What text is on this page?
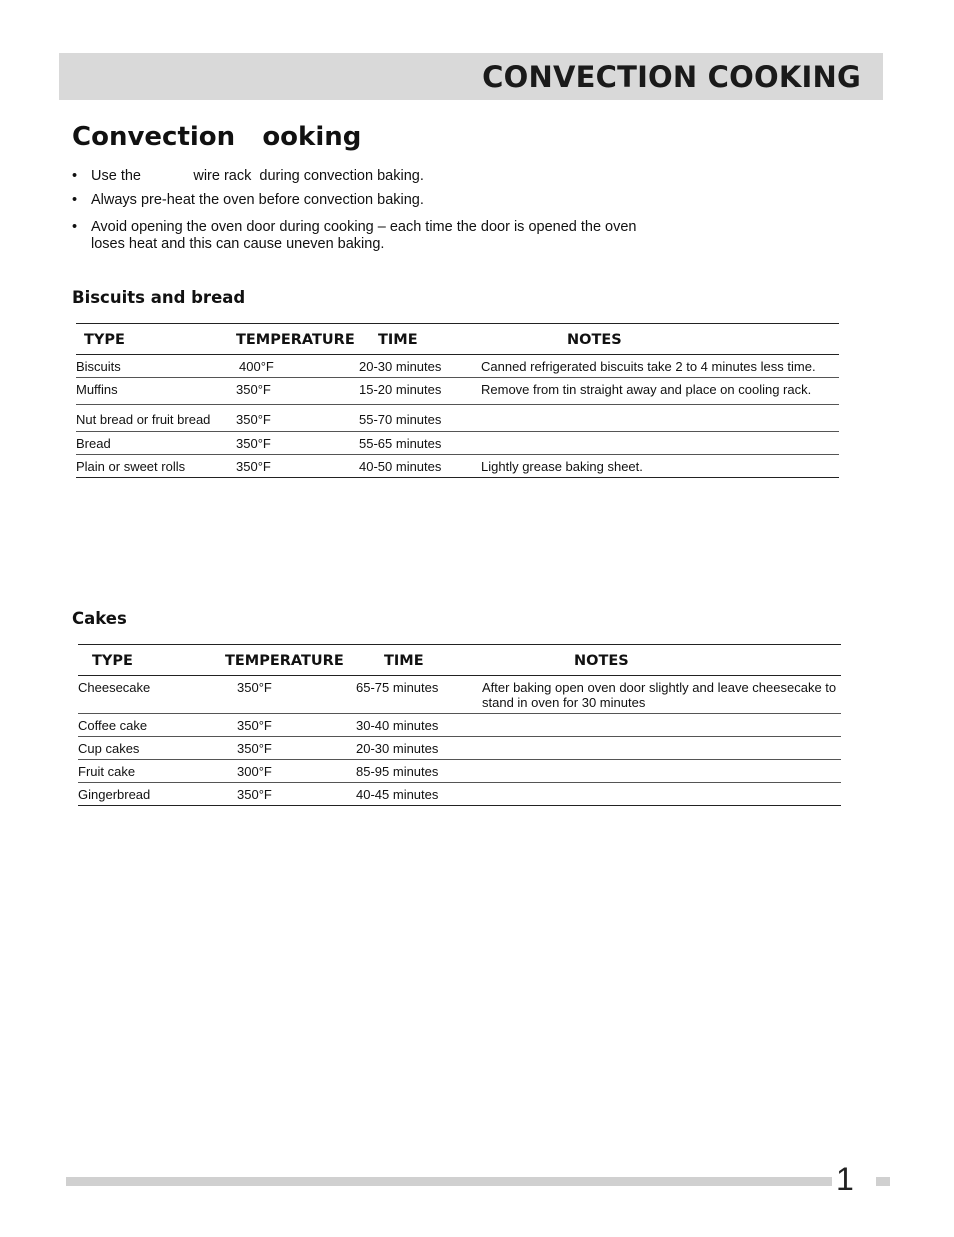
CONVECTION COOKING
Convection   ooking
• Use the             wire rack  during convection baking.
• Always pre-heat the oven before convection baking.
• Avoid opening the oven door during cooking – each time the door is opened the oven loses heat and this can cause uneven baking.
Biscuits and bread
TYPE	TEMPERATURE	TIME	NOTES
Biscuits	400°F	20-30 minutes	Canned refrigerated biscuits take 2 to 4 minutes less time.
Muffins	350°F	15-20 minutes	Remove from tin straight away and place on cooling rack.
Nut bread or fruit bread	350°F	55-70 minutes	
Bread	350°F	55-65 minutes	
Plain or sweet rolls	350°F	40-50 minutes	Lightly grease baking sheet.
Cakes
TYPE	TEMPERATURE	TIME	NOTES
Cheesecake	350°F	65-75 minutes	After baking open oven door slightly and leave cheesecake to stand in oven for 30 minutes
Coffee cake	350°F	30-40 minutes	
Cup cakes	350°F	20-30 minutes	
Fruit cake	300°F	85-95 minutes	
Gingerbread	350°F	40-45 minutes	
1
